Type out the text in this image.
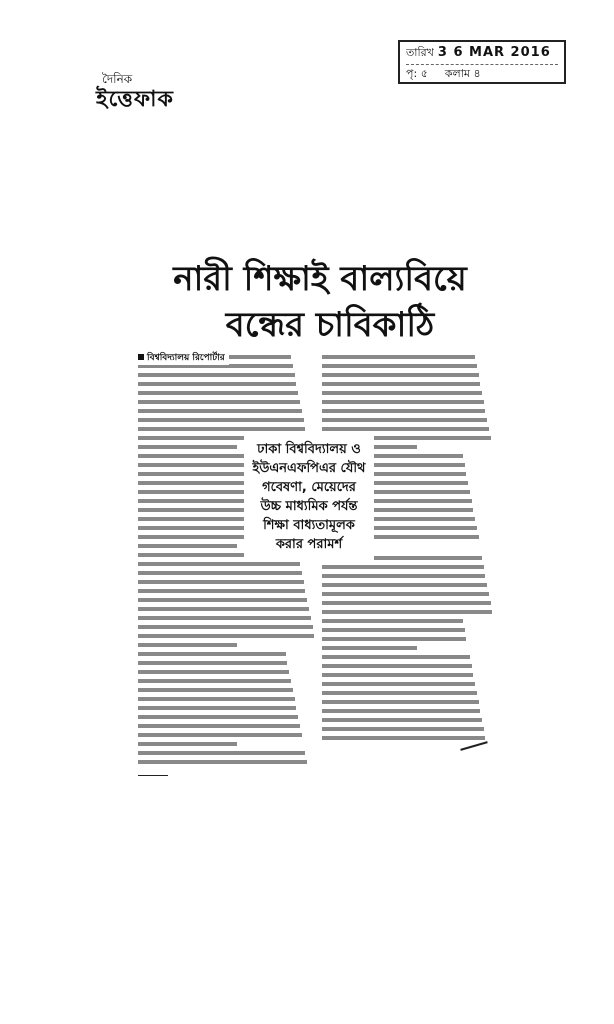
দৈনিক
ইত্তেফাক
তারিখ 3 6 MAR 2016
পৃ: ৫ কলাম ৪
নারী শিক্ষাই বাল্যবিয়ে
বন্ধের চাবিকাঠি
বিশ্ববিদ্যালয় রিপোর্টার
ঢাকা বিশ্ববিদ্যালয় ও
ইউএনএফপিএর যৌথ
গবেষণা, মেয়েদের
উচ্চ মাধ্যমিক পর্যন্ত
শিক্ষা বাধ্যতামূলক
করার পরামর্শ
